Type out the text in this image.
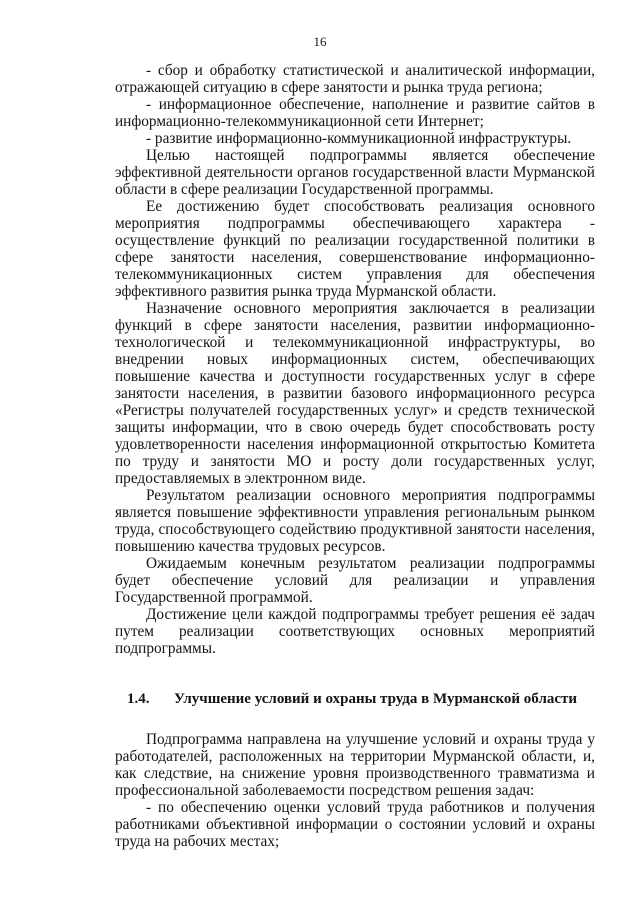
16

- сбор и обработку статистической и аналитической информации, отражающей ситуацию в сфере занятости и рынка труда региона;

- информационное обеспечение, наполнение и развитие сайтов в информационно-телекоммуникационной сети Интернет;

- развитие информационно-коммуникационной инфраструктуры.

Целью настоящей подпрограммы является обеспечение эффективной деятельности органов государственной власти Мурманской области в сфере реализации Государственной программы.

Ее достижению будет способствовать реализация основного мероприятия подпрограммы обеспечивающего характера - осуществление функций по реализации государственной политики в сфере занятости населения, совершенствование информационно-телекоммуникационных систем управления для обеспечения эффективного развития рынка труда Мурманской области.

Назначение основного мероприятия заключается в реализации функций в сфере занятости населения, развитии информационно-технологической и телекоммуникационной инфраструктуры, во внедрении новых информационных систем, обеспечивающих повышение качества и доступности государственных услуг в сфере занятости населения, в развитии базового информационного ресурса «Регистры получателей государственных услуг» и средств технической защиты информации, что в свою очередь будет способствовать росту удовлетворенности населения информационной открытостью Комитета по труду и занятости МО и росту доли государственных услуг, предоставляемых в электронном виде.

Результатом реализации основного мероприятия подпрограммы является повышение эффективности управления региональным рынком труда, способствующего содействию продуктивной занятости населения, повышению качества трудовых ресурсов.

Ожидаемым конечным результатом реализации подпрограммы будет обеспечение условий для реализации и управления Государственной программой.

Достижение цели каждой подпрограммы требует решения её задач путем реализации соответствующих основных мероприятий подпрограммы.

1.4. Улучшение условий и охраны труда в Мурманской области

Подпрограмма направлена на улучшение условий и охраны труда у работодателей, расположенных на территории Мурманской области, и, как следствие, на снижение уровня производственного травматизма и профессиональной заболеваемости посредством решения задач:

- по обеспечению оценки условий труда работников и получения работниками объективной информации о состоянии условий и охраны труда на рабочих местах;
